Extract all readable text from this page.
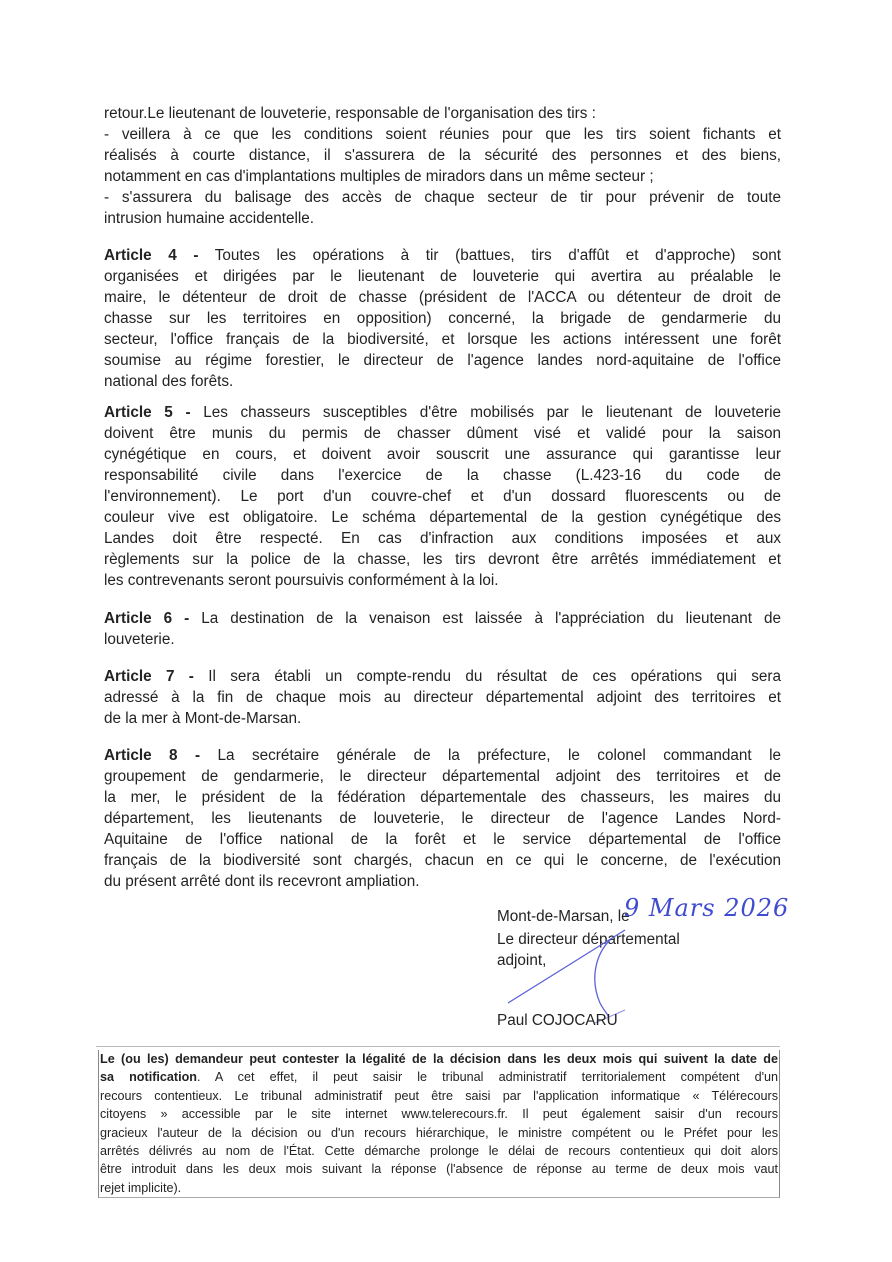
retour.Le lieutenant de louveterie, responsable de l'organisation des tirs :
- veillera à ce que les conditions soient réunies pour que les tirs soient fichants et
réalisés à courte distance, il s'assurera de la sécurité des personnes et des biens,
notamment en cas d'implantations multiples de miradors dans un même secteur ;
- s'assurera du balisage des accès de chaque secteur de tir pour prévenir de toute
intrusion humaine accidentelle.
Article 4 - Toutes les opérations à tir (battues, tirs d'affût et d'approche) sont
organisées et dirigées par le lieutenant de louveterie qui avertira au préalable le
maire, le détenteur de droit de chasse (président de l'ACCA ou détenteur de droit de
chasse sur les territoires en opposition) concerné, la brigade de gendarmerie du
secteur, l'office français de la biodiversité, et lorsque les actions intéressent une forêt
soumise au régime forestier, le directeur de l'agence landes nord-aquitaine de l'office
national des forêts.
Article 5 - Les chasseurs susceptibles d'être mobilisés par le lieutenant de louveterie
doivent être munis du permis de chasser dûment visé et validé pour la saison
cynégétique en cours, et doivent avoir souscrit une assurance qui garantisse leur
responsabilité civile dans l'exercice de la chasse (L.423-16 du code de
l'environnement). Le port d'un couvre-chef et d'un dossard fluorescents ou de
couleur vive est obligatoire. Le schéma départemental de la gestion cynégétique des
Landes doit être respecté. En cas d'infraction aux conditions imposées et aux
règlements sur la police de la chasse, les tirs devront être arrêtés immédiatement et
les contrevenants seront poursuivis conformément à la loi.
Article 6 - La destination de la venaison est laissée à l'appréciation du lieutenant de
louveterie.
Article 7 - Il sera établi un compte-rendu du résultat de ces opérations qui sera
adressé à la fin de chaque mois au directeur départemental adjoint des territoires et
de la mer à Mont-de-Marsan.
Article 8 - La secrétaire générale de la préfecture, le colonel commandant le
groupement de gendarmerie, le directeur départemental adjoint des territoires et de
la mer, le président de la fédération départementale des chasseurs, les maires du
département, les lieutenants de louveterie, le directeur de l'agence Landes Nord-
Aquitaine de l'office national de la forêt et le service départemental de l'office
français de la biodiversité sont chargés, chacun en ce qui le concerne, de l'exécution
du présent arrêté dont ils recevront ampliation.
Mont-de-Marsan, le
9 Mars 2026
Le directeur départemental
adjoint,
Paul COJOCARU
Le (ou les) demandeur peut contester la légalité de la décision dans les deux mois qui suivent la date de
sa notification. A cet effet, il peut saisir le tribunal administratif territorialement compétent d'un
recours contentieux. Le tribunal administratif peut être saisi par l'application informatique « Télérecours
citoyens » accessible par le site internet www.telerecours.fr. Il peut également saisir d'un recours
gracieux l'auteur de la décision ou d'un recours hiérarchique, le ministre compétent ou le Préfet pour les
arrêtés délivrés au nom de l'État. Cette démarche prolonge le délai de recours contentieux qui doit alors
être introduit dans les deux mois suivant la réponse (l'absence de réponse au terme de deux mois vaut
rejet implicite).
